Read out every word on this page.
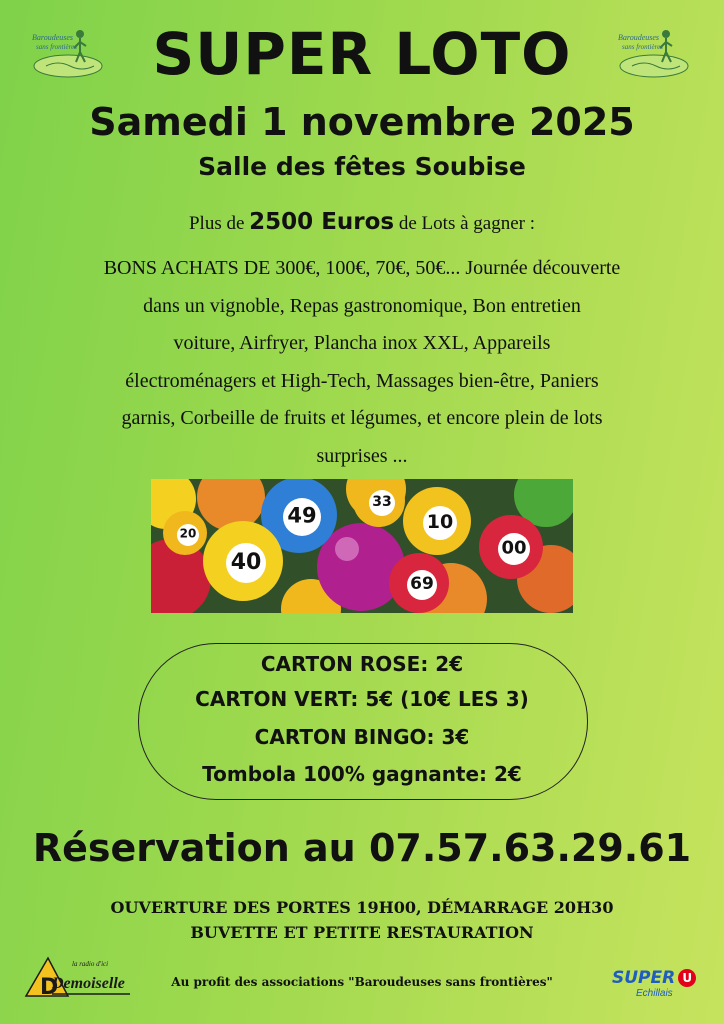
Baroudeuses
sans frontières
Baroudeuses
sans frontières
SUPER LOTO
Samedi 1 novembre 2025
Salle des fêtes Soubise
Plus de 2500 Euros de Lots à gagner :
BONS ACHATS DE 300€, 100€, 70€, 50€... Journée découverte
dans un vignoble, Repas gastronomique, Bon entretien
voiture, Airfryer, Plancha inox XXL, Appareils
électroménagers et High-Tech, Massages bien-être, Paniers
garnis, Corbeille de fruits et légumes, et encore plein de lots
surprises ...
49
33
10
40
00
69
20
CARTON ROSE: 2€
CARTON VERT: 5€ (10€ LES 3)
CARTON BINGO: 3€
Tombola 100% gagnante: 2€
Réservation au 07.57.63.29.61
OUVERTURE DES PORTES 19H00, DÉMARRAGE 20H30
BUVETTE ET PETITE RESTAURATION
D
la radio d'ici
Demoiselle	Au profit des associations "Baroudeuses sans frontières"	SUPER U
Echillais
